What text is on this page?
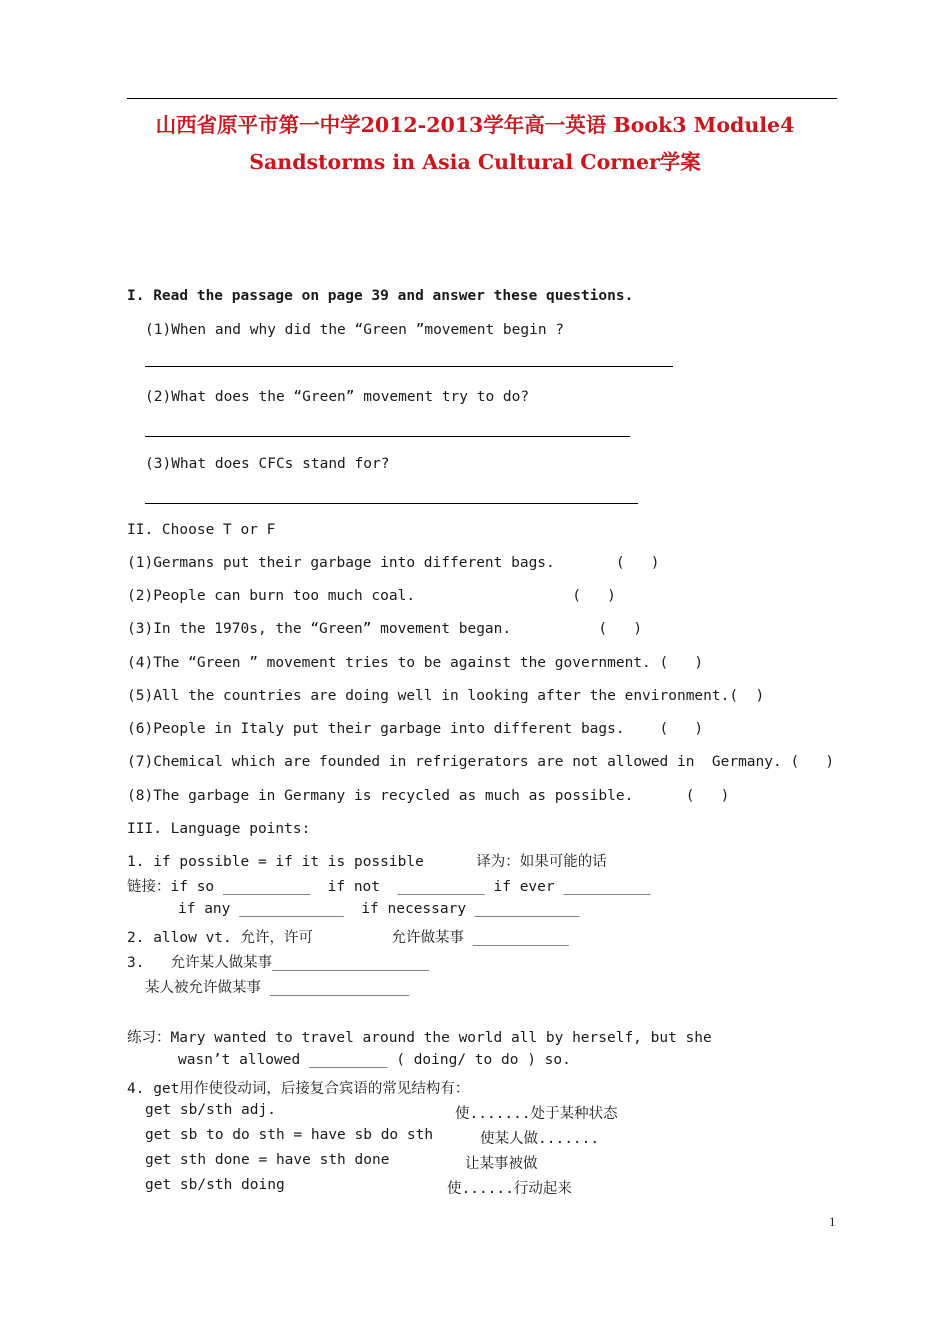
山西省原平市第一中学2012-2013学年高一英语 Book3 Module4
Sandstorms in Asia Cultural Corner学案
I. Read the passage on page 39 and answer these questions.
(1)When and why did the “Green ”movement begin ?
(2)What does the “Green” movement try to do?
(3)What does CFCs stand for?
II. Choose T or F
(1)Germans put their garbage into different bags.       (   )
(2)People can burn too much coal.                  (   )
(3)In the 1970s, the “Green” movement began.          (   )
(4)The “Green ” movement tries to be against the government. (   )
(5)All the countries are doing well in looking after the environment.(  )
(6)People in Italy put their garbage into different bags.    (   )
(7)Chemical which are founded in refrigerators are not allowed in  Germany. (   )
(8)The garbage in Germany is recycled as much as possible.      (   )
III. Language points:
1. if possible = if it is possible      译为：如果可能的话
链接：if so __________  if not  __________ if ever __________
if any ____________  if necessary ____________
2. allow vt. 允许，许可         允许做某事 ___________
3.   允许某人做某事__________________
某人被允许做某事 ________________
练习：Mary wanted to travel around the world all by herself, but she
wasn’t allowed _________ ( doing/ to do ) so.
4. get用作使役动词，后接复合宾语的常见结构有：
get sb/sth adj.	使.......处于某种状态
get sb to do sth = have sb do sth	使某人做.......
get sth done = have sth done	让某事被做
get sb/sth doing	使......行动起来
1
